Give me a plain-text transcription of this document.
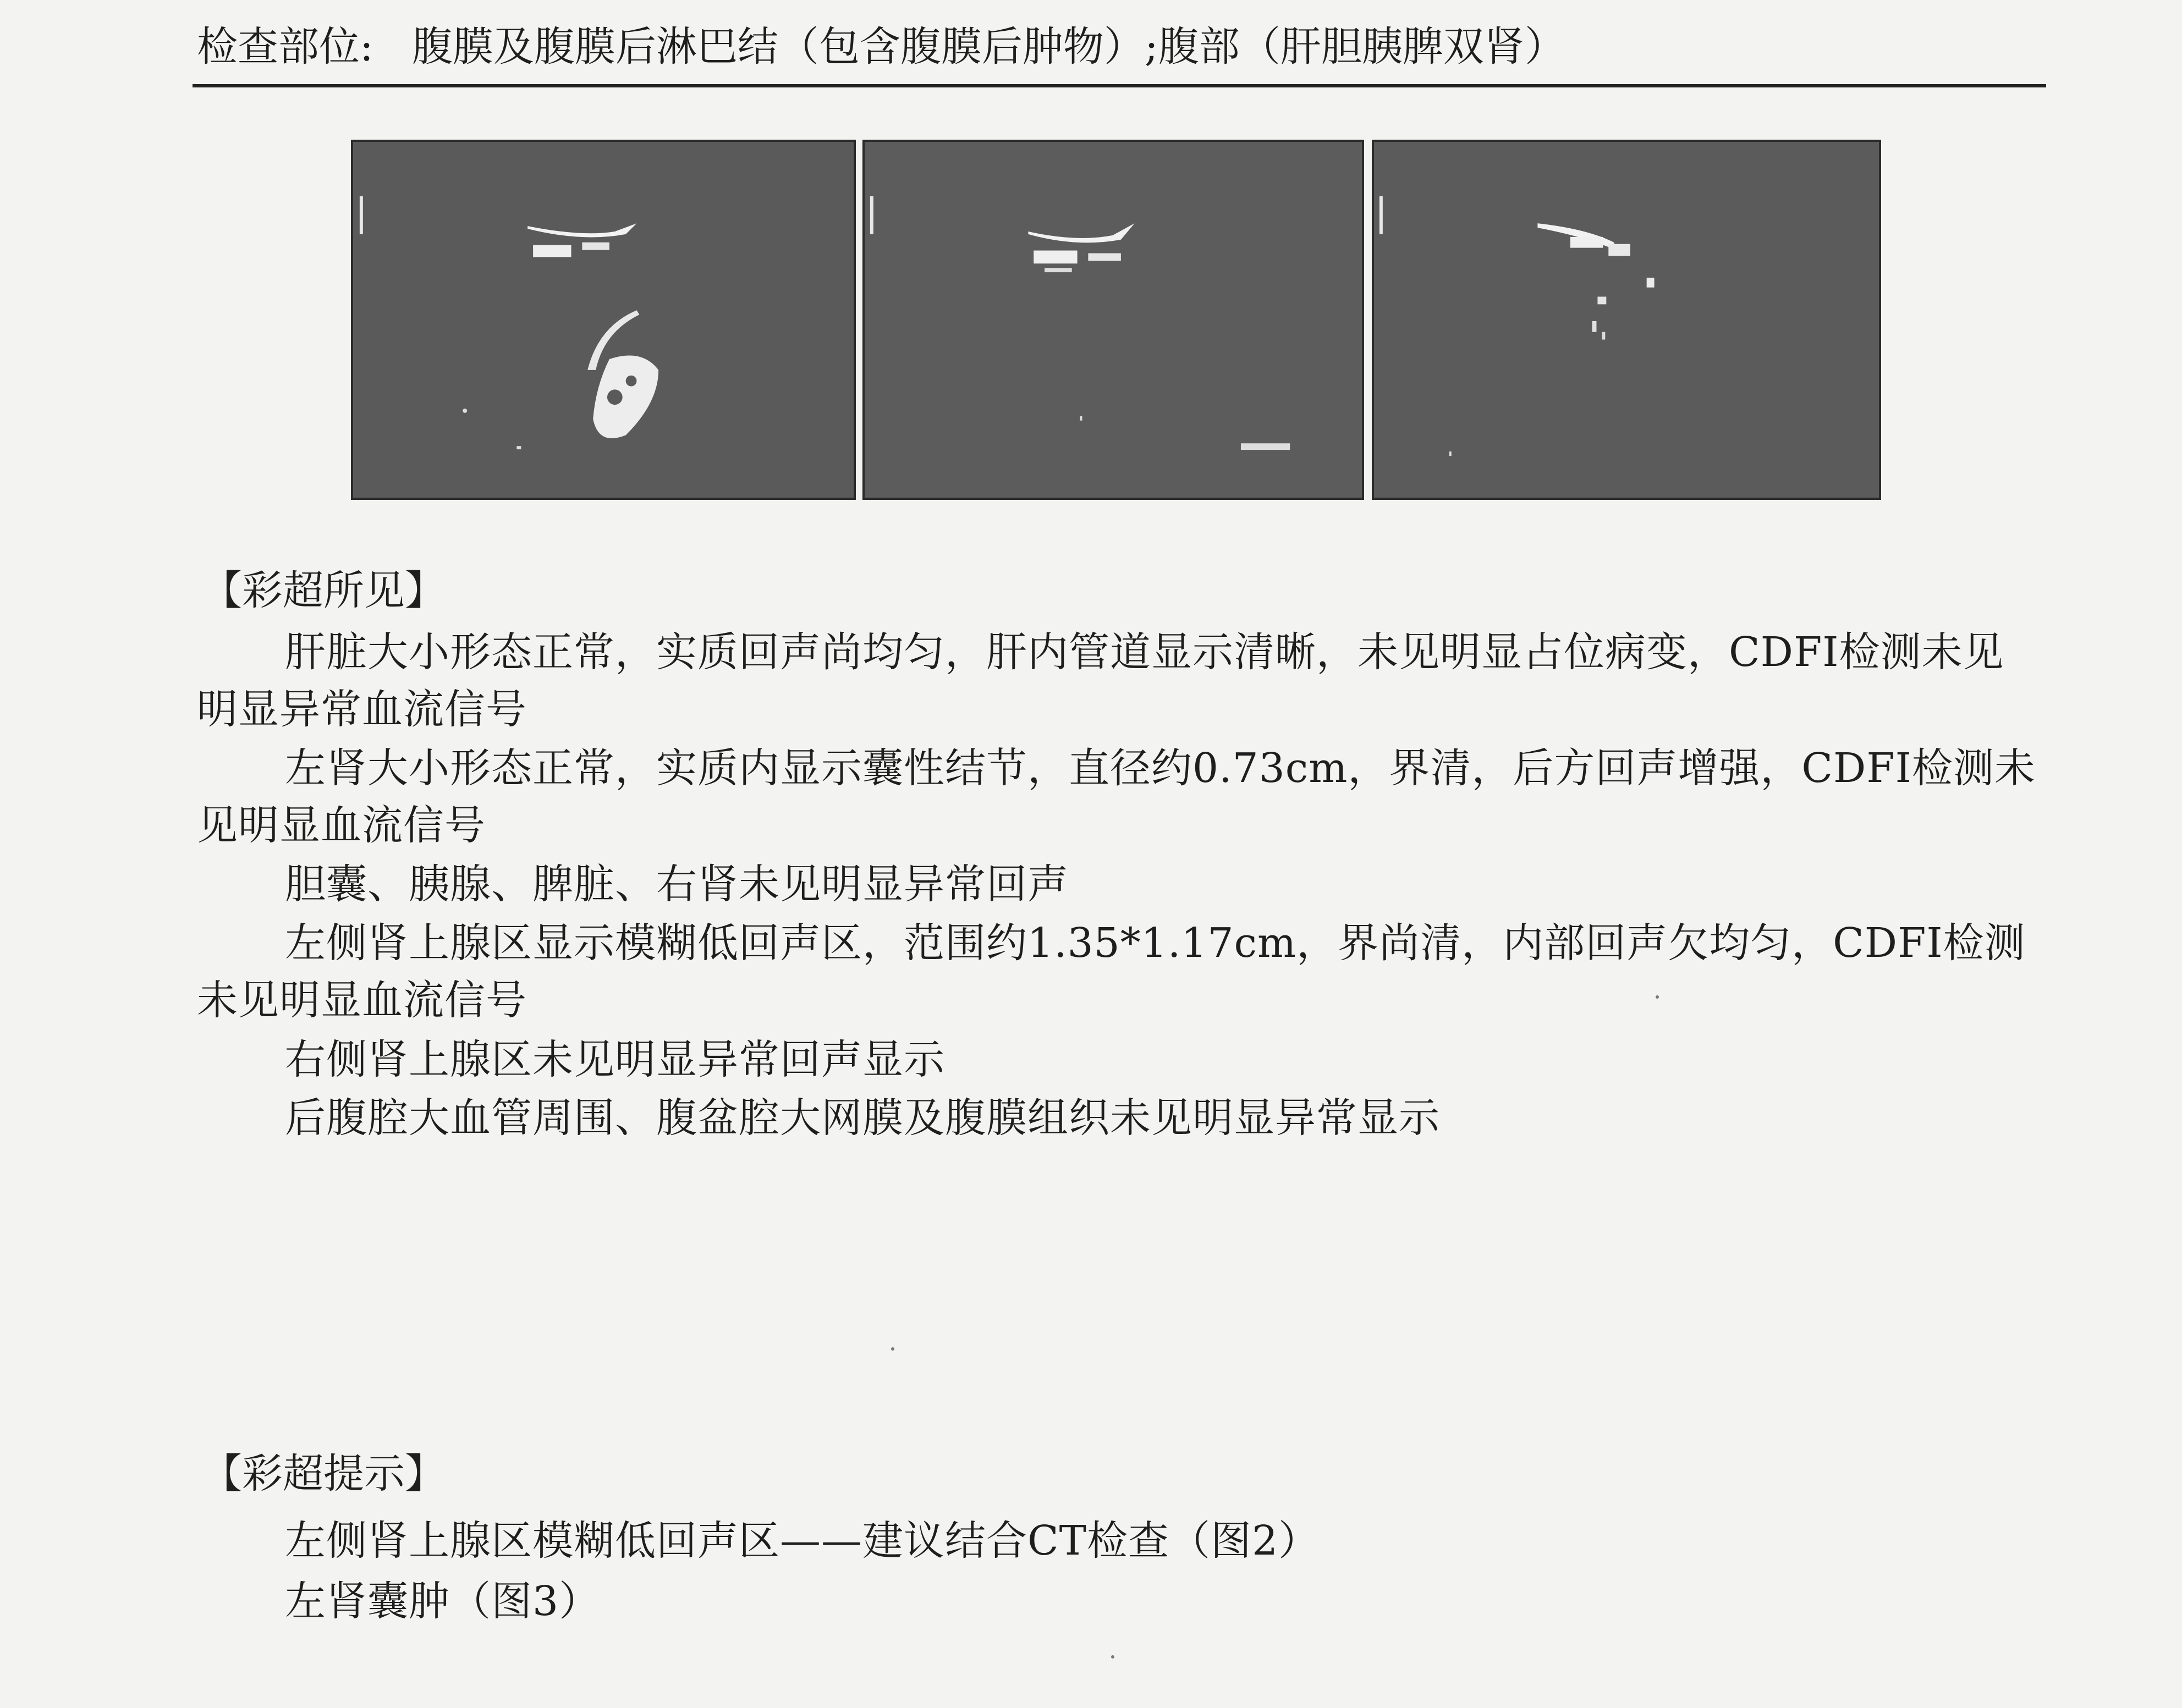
检查部位: 腹膜及腹膜后淋巴结（包含腹膜后肿物）;腹部（肝胆胰脾双肾）
【彩超所见】
肝脏大小形态正常，实质回声尚均匀，肝内管道显示清晰，未见明显占位病变，CDFI检测未见明显异常血流信号
左肾大小形态正常，实质内显示囊性结节，直径约0.73cm，界清，后方回声增强，CDFI检测未见明显血流信号
胆囊、胰腺、脾脏、右肾未见明显异常回声
左侧肾上腺区显示模糊低回声区，范围约1.35*1.17cm，界尚清，内部回声欠均匀，CDFI检测未见明显血流信号
右侧肾上腺区未见明显异常回声显示
后腹腔大血管周围、腹盆腔大网膜及腹膜组织未见明显异常显示
【彩超提示】
左侧肾上腺区模糊低回声区——建议结合CT检查（图2）
左肾囊肿（图3）
